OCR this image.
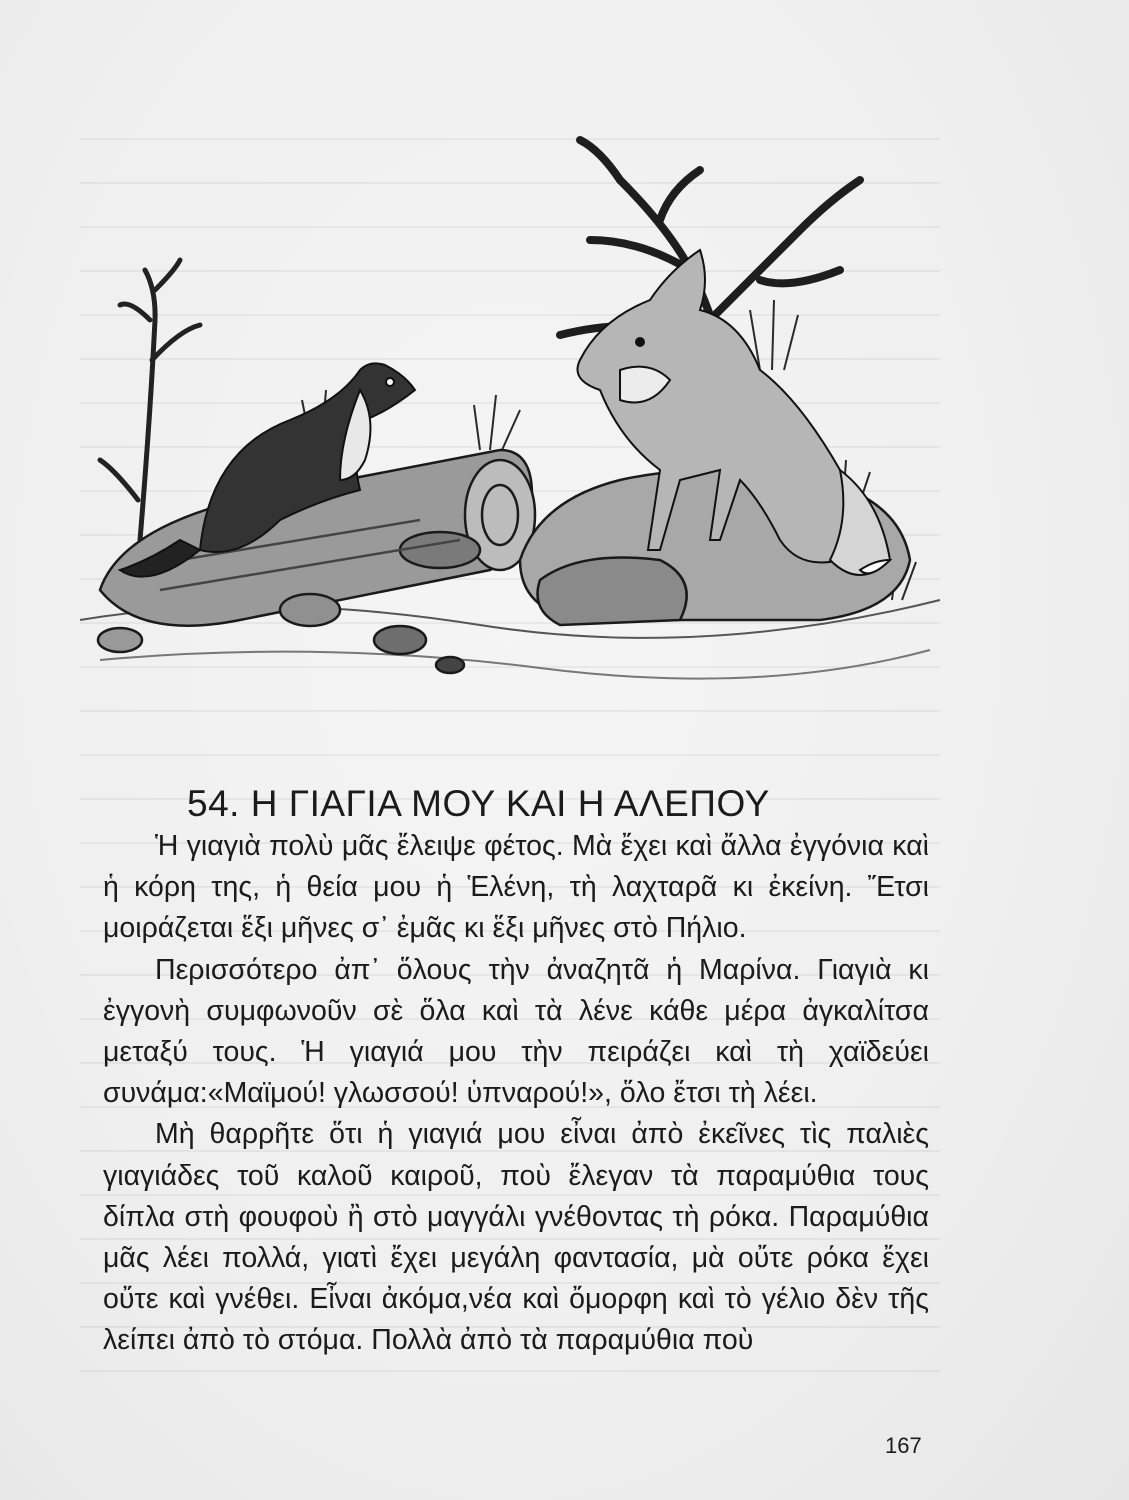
54. Η ΓΙΑΓΙΑ ΜΟΥ ΚΑΙ Η ΑΛΕΠΟΥ

Ἡ γιαγιὰ πολὺ μᾶς ἔλειψε φέτος. Μὰ ἔχει καὶ ἄλλα ἐγγόνια καὶ ἡ κόρη της, ἡ θεία μου ἡ Ἑλένη, τὴ λαχταρᾶ κι ἐκείνη. Ἔτσι μοιράζεται ἕξι μῆνες σ᾽ ἐμᾶς κι ἕξι μῆνες στὸ Πήλιο.

Περισσότερο ἀπ᾽ ὅλους τὴν ἀναζητᾶ ἡ Μαρίνα. Γιαγιὰ κι ἐγγονὴ συμφωνοῦν σὲ ὅλα καὶ τὰ λένε κάθε μέρα ἀγκαλίτσα μεταξύ τους. Ἡ γιαγιά μου τὴν πειράζει καὶ τὴ χαϊδεύει συνάμα:«Μαϊμού! γλωσσού! ὑπναρού!», ὅλο ἔτσι τὴ λέει.

Μὴ θαρρῆτε ὅτι ἡ γιαγιά μου εἶναι ἀπὸ ἐκεῖνες τὶς παλιὲς γιαγιάδες τοῦ καλοῦ καιροῦ, ποὺ ἔλεγαν τὰ παραμύθια τους δίπλα στὴ φουφοὺ ἢ στὸ μαγγάλι γνέθοντας τὴ ρόκα. Παραμύθια μᾶς λέει πολλά, γιατὶ ἔχει μεγάλη φαντασία, μὰ οὔτε ρόκα ἔχει οὔτε καὶ γνέθει. Εἶναι ἀκόμα,νέα καὶ ὄμορφη καὶ τὸ γέλιο δὲν τῆς λείπει ἀπὸ τὸ στόμα. Πολλὰ ἀπὸ τὰ παραμύθια ποὺ

167
